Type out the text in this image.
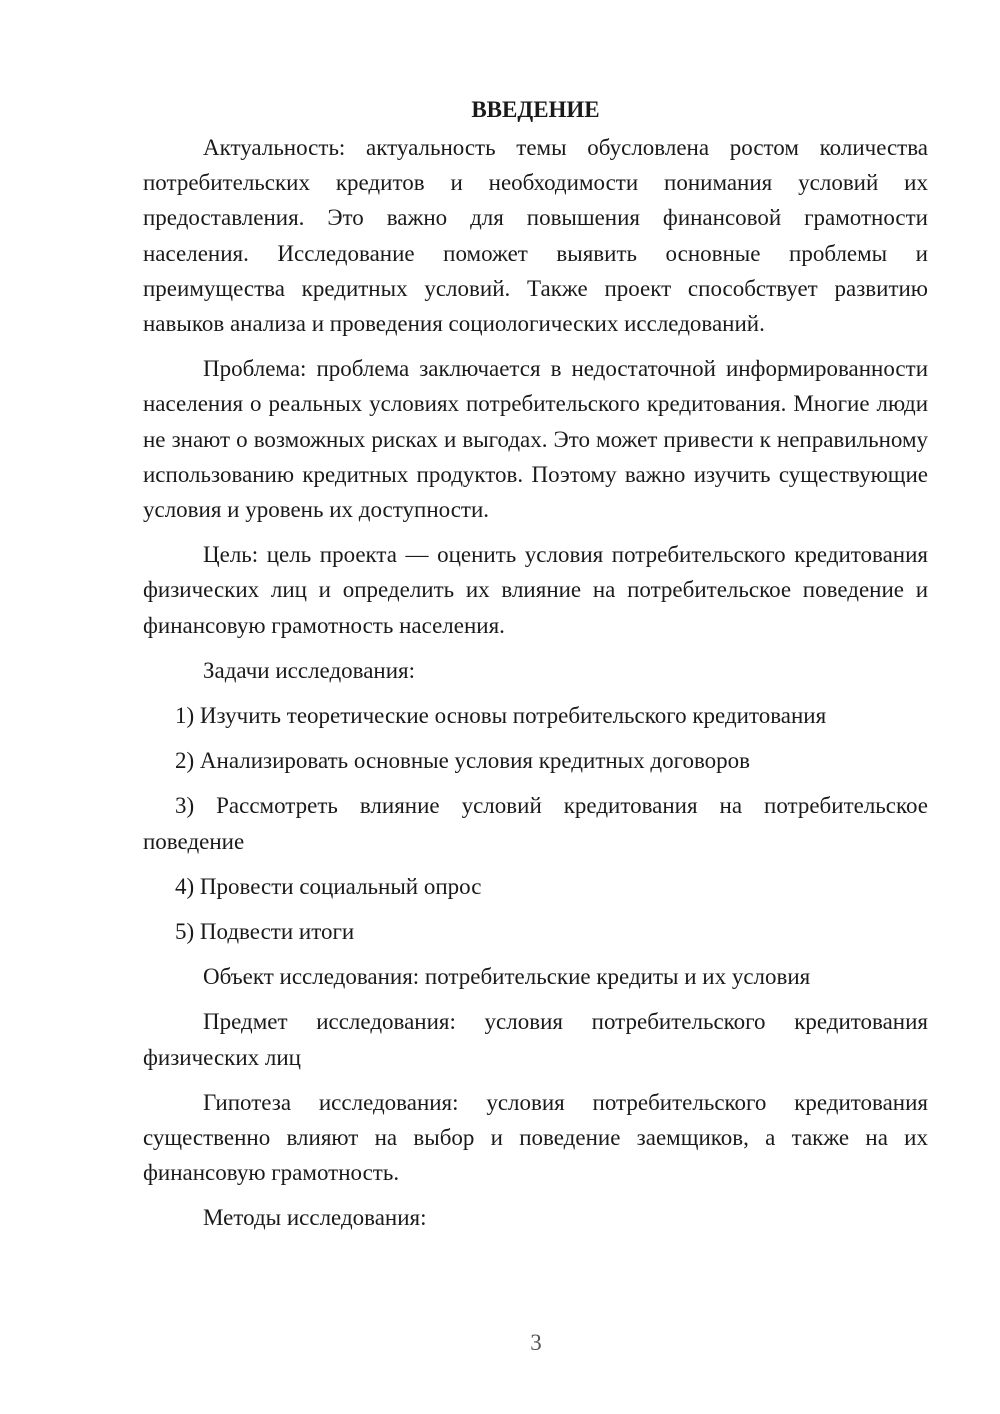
ВВЕДЕНИЕ

Актуальность: актуальность темы обусловлена ростом количества потребительских кредитов и необходимости понимания условий их предоставления. Это важно для повышения финансовой грамотности населения. Исследование поможет выявить основные проблемы и преимущества кредитных условий. Также проект способствует развитию навыков анализа и проведения социологических исследований.

Проблема: проблема заключается в недостаточной информированности населения о реальных условиях потребительского кредитования. Многие люди не знают о возможных рисках и выгодах. Это может привести к неправильному использованию кредитных продуктов. Поэтому важно изучить существующие условия и уровень их доступности.

Цель: цель проекта — оценить условия потребительского кредитования физических лиц и определить их влияние на потребительское поведение и финансовую грамотность населения.

Задачи исследования:

1) Изучить теоретические основы потребительского кредитования

2) Анализировать основные условия кредитных договоров

3) Рассмотреть влияние условий кредитования на потребительское поведение

4) Провести социальный опрос

5) Подвести итоги

Объект исследования: потребительские кредиты и их условия

Предмет исследования: условия потребительского кредитования физических лиц

Гипотеза исследования: условия потребительского кредитования существенно влияют на выбор и поведение заемщиков, а также на их финансовую грамотность.

Методы исследования:

3
